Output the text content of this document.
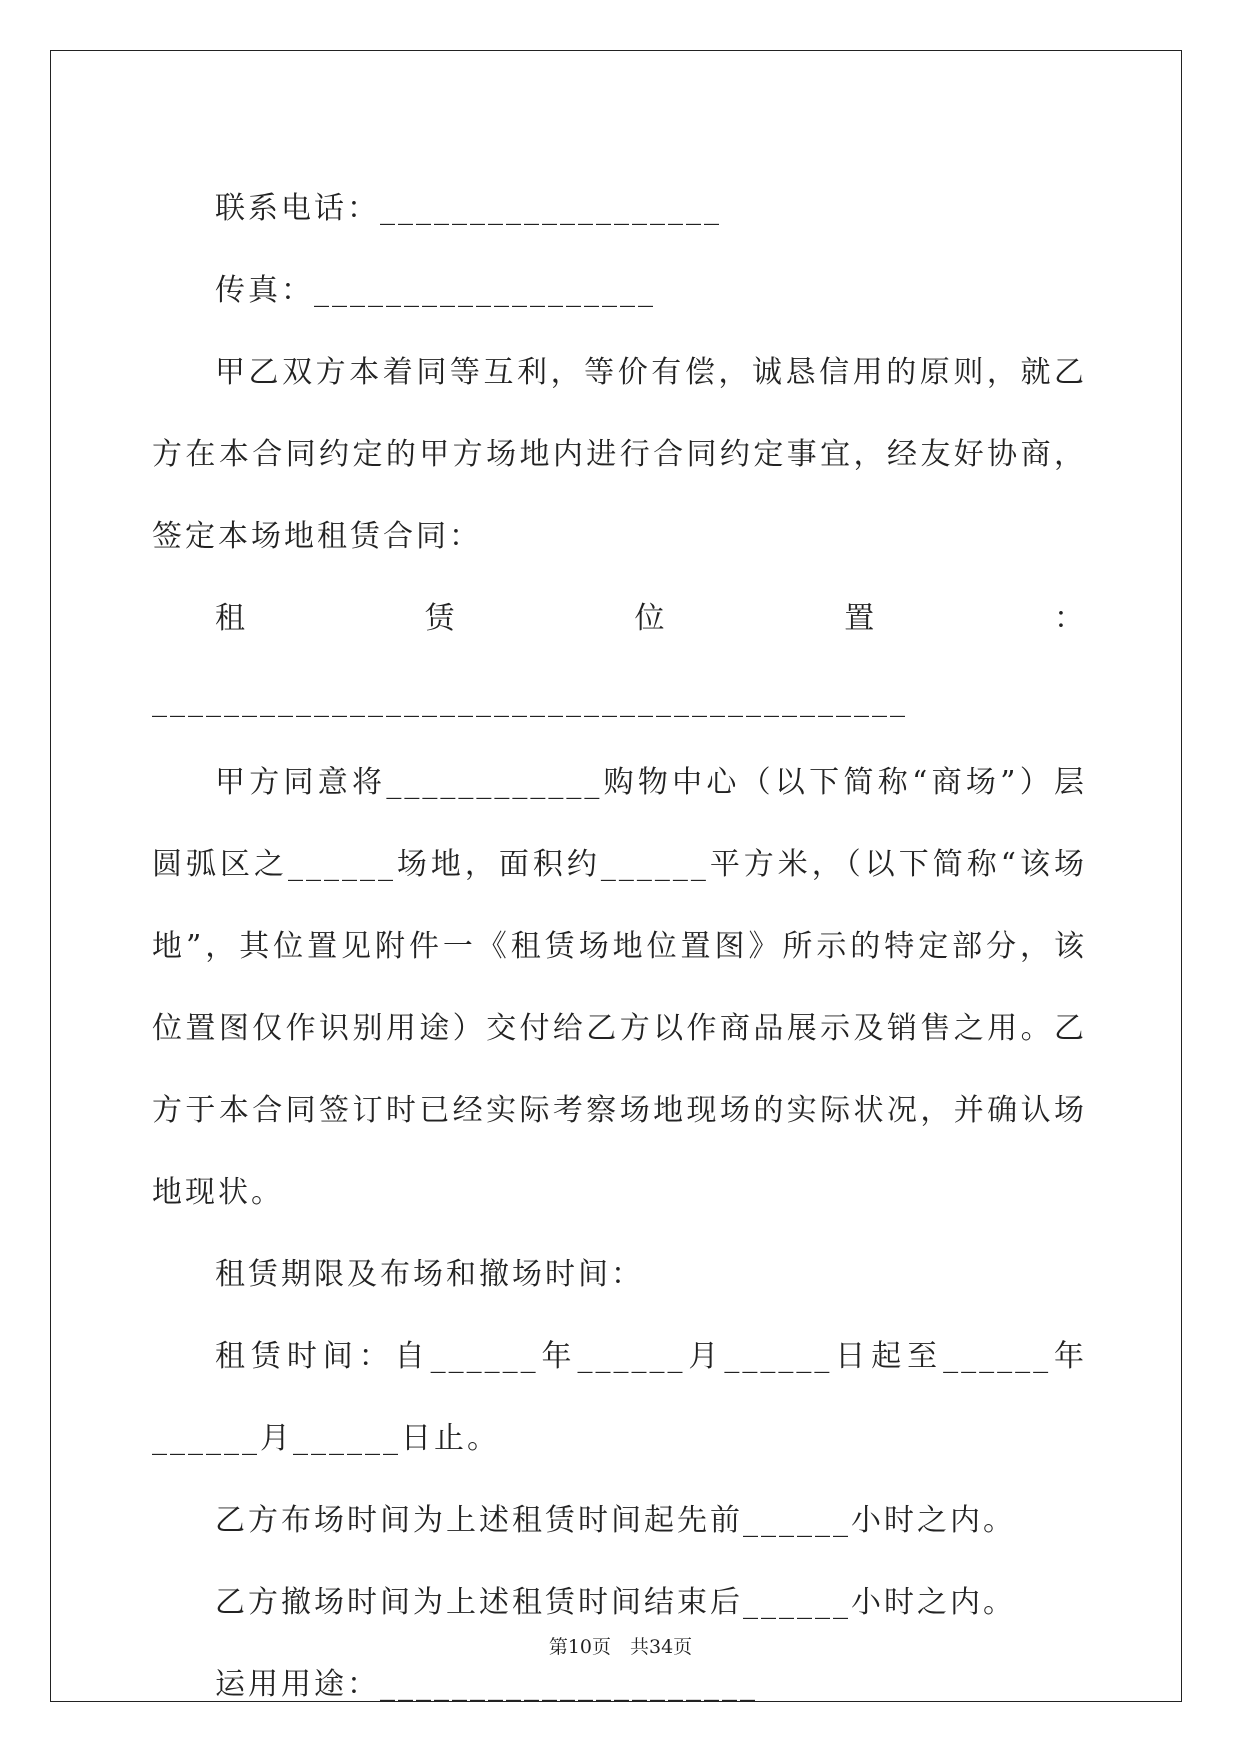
联系电话：___________________

传真：___________________

甲乙双方本着同等互利，等价有偿，诚恳信用的原则，就乙方在本合同约定的甲方场地内进行合同约定事宜，经友好协商，签定本场地租赁合同：

租赁位置：__________________________________________

甲方同意将____________购物中心（以下简称“商场”）层圆弧区之______场地，面积约______平方米，（以下简称“该场地”，其位置见附件一《租赁场地位置图》所示的特定部分，该位置图仅作识别用途）交付给乙方以作商品展示及销售之用。乙方于本合同签订时已经实际考察场地现场的实际状况，并确认场地现状。

租赁期限及布场和撤场时间：

租赁时间：自______年______月______日起至______年______月______日止。

乙方布场时间为上述租赁时间起先前______小时之内。

乙方撤场时间为上述租赁时间结束后______小时之内。

运用用途：_____________________

第10页　共34页
